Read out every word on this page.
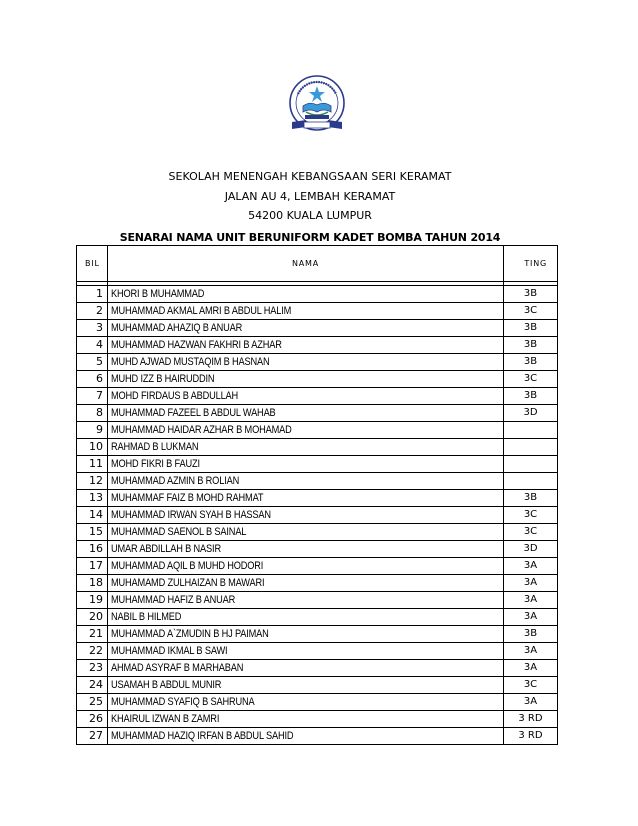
SEKOLAH MENENGAH KEBANGSAAN SERI KERAMAT
JALAN AU 4, LEMBAH KERAMAT
54200 KUALA LUMPUR
SENARAI NAMA UNIT BERUNIFORM KADET BOMBA TAHUN 2014
BIL	NAMA	TING

1	KHORI B MUHAMMAD	3B
2	MUHAMMAD AKMAL AMRI B ABDUL HALIM	3C
3	MUHAMMAD AHAZIQ B ANUAR	3B
4	MUHAMMAD HAZWAN FAKHRI B AZHAR	3B
5	MUHD AJWAD MUSTAQIM B HASNAN	3B
6	MUHD IZZ B HAIRUDDIN	3C
7	MOHD FIRDAUS B ABDULLAH	3B
8	MUHAMMAD FAZEEL B ABDUL WAHAB	3D
9	MUHAMMAD HAIDAR AZHAR B MOHAMAD	
10	RAHMAD B LUKMAN	
11	MOHD FIKRI B FAUZI	
12	MUHAMMAD AZMIN B ROLIAN	
13	MUHAMMAF FAIZ B MOHD RAHMAT	3B
14	MUHAMMAD IRWAN SYAH B HASSAN	3C
15	MUHAMMAD SAENOL B SAINAL	3C
16	UMAR ABDILLAH B NASIR	3D
17	MUHAMMAD AQIL B MUHD HODORI	3A
18	MUHAMAMD ZULHAIZAN B MAWARI	3A
19	MUHAMMAD HAFIZ B ANUAR	3A
20	NABIL B HILMED	3A
21	MUHAMMAD A`ZMUDIN B HJ PAIMAN	3B
22	MUHAMMAD IKMAL B SAWI	3A
23	AHMAD ASYRAF B MARHABAN	3A
24	USAMAH B ABDUL MUNIR	3C
25	MUHAMMAD SYAFIQ B SAHRUNA	3A
26	KHAIRUL IZWAN B ZAMRI	3 RD
27	MUHAMMAD HAZIQ IRFAN B ABDUL SAHID	3 RD
